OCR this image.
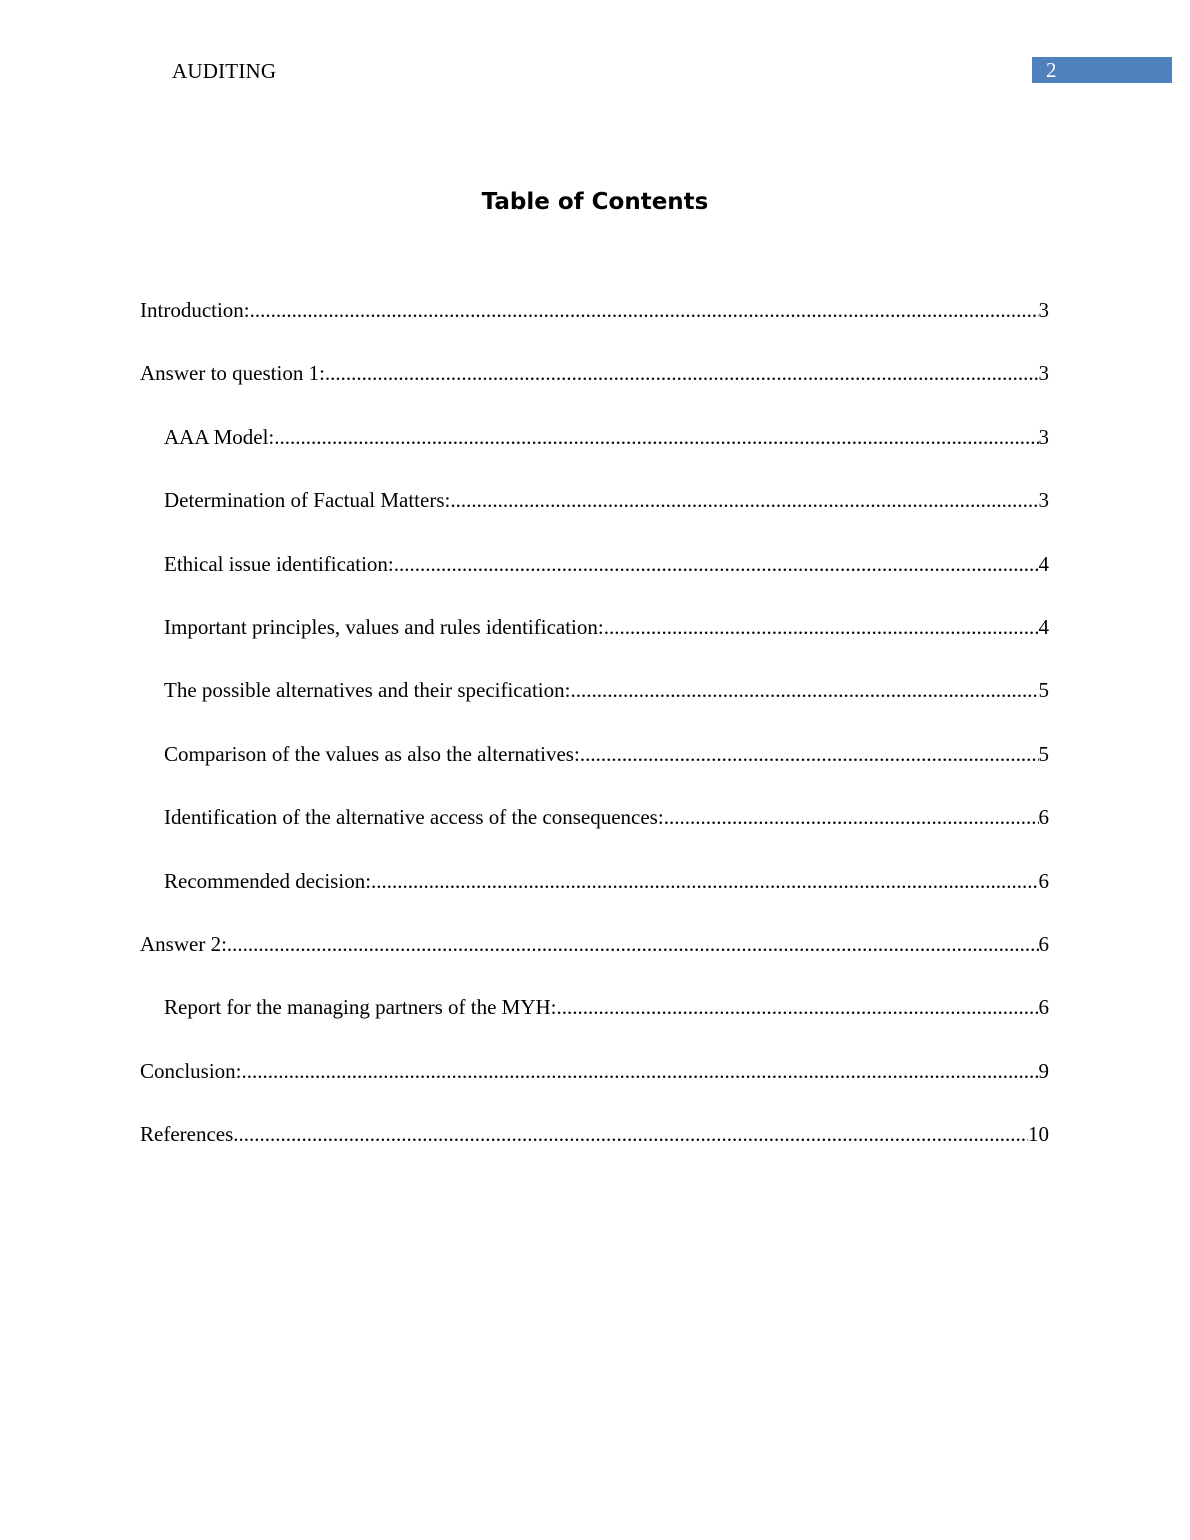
AUDITING	2
Table of Contents
Introduction: .....	3
Answer to question 1: .....	3
AAA Model: .....	3
Determination of Factual Matters: .....	3
Ethical issue identification: .....	4
Important principles, values and rules identification: .....	4
The possible alternatives and their specification: .....	5
Comparison of the values as also the alternatives: .....	5
Identification of the alternative access of the consequences: .....	6
Recommended decision: .....	6
Answer 2: .....	6
Report for the managing partners of the MYH: .....	6
Conclusion: .....	9
References .....	10
